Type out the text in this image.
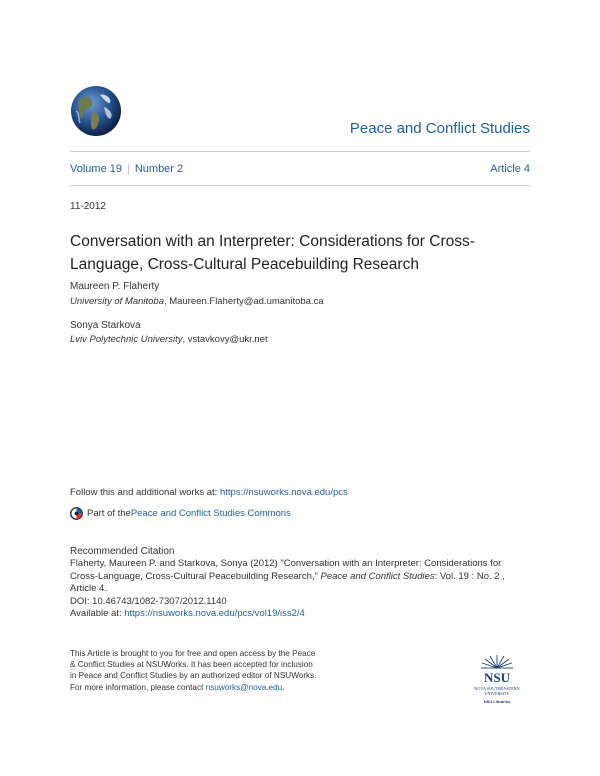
Peace and Conflict Studies
Volume 19 | Number 2	Article 4
11-2012
Conversation with an Interpreter: Considerations for Cross-Language, Cross-Cultural Peacebuilding Research
Maureen P. Flaherty
University of Manitoba, Maureen.Flaherty@ad.umanitoba.ca
Sonya Starkova
Lviv Polytechnic University, vstavkovy@ukr.net
Follow this and additional works at: https://nsuworks.nova.edu/pcs
Part of the Peace and Conflict Studies Commons
Recommended Citation
Flaherty, Maureen P. and Starkova, Sonya (2012) "Conversation with an Interpreter: Considerations for Cross-Language, Cross-Cultural Peacebuilding Research," Peace and Conflict Studies: Vol. 19 : No. 2 , Article 4.
DOI: 10.46743/1082-7307/2012.1140
Available at: https://nsuworks.nova.edu/pcs/vol19/iss2/4
This Article is brought to you for free and open access by the Peace & Conflict Studies at NSUWorks. It has been accepted for inclusion in Peace and Conflict Studies by an authorized editor of NSUWorks. For more information, please contact nsuworks@nova.edu.
NSU
NOVA SOUTHEASTERN
UNIVERSITY
NSU Libraries
